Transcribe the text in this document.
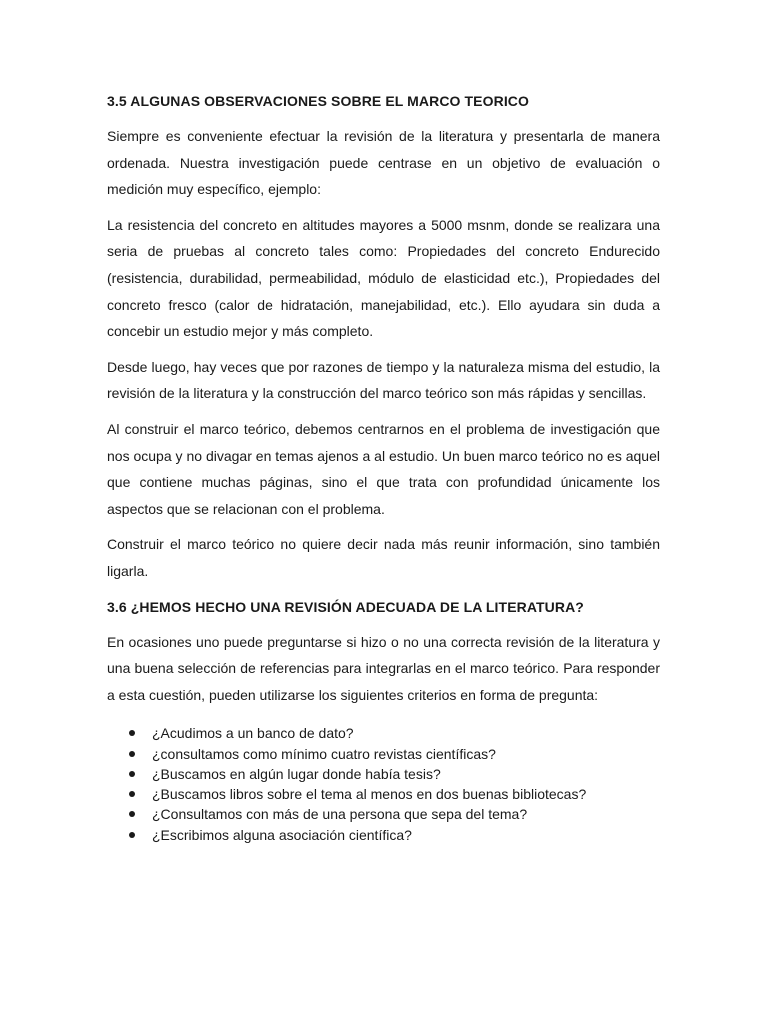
3.5 ALGUNAS OBSERVACIONES SOBRE EL MARCO TEORICO

Siempre es conveniente efectuar la revisión de la literatura y presentarla de manera ordenada. Nuestra investigación puede centrase en un objetivo de evaluación o medición muy específico, ejemplo:

La resistencia del concreto en altitudes mayores a 5000 msnm, donde se realizara una seria de pruebas al concreto tales como: Propiedades del concreto Endurecido (resistencia, durabilidad, permeabilidad, módulo de elasticidad etc.), Propiedades del concreto fresco (calor de hidratación, manejabilidad, etc.). Ello ayudara sin duda a concebir un estudio mejor y más completo.

Desde luego, hay veces que por razones de tiempo y la naturaleza misma del estudio, la revisión de la literatura y la construcción del marco teórico son más rápidas y sencillas.

Al construir el marco teórico, debemos centrarnos en el problema de investigación que nos ocupa y no divagar en temas ajenos a al estudio. Un buen marco teórico no es aquel que contiene muchas páginas, sino el que trata con profundidad únicamente los aspectos que se relacionan con el problema.

Construir el marco teórico no quiere decir nada más reunir información, sino también ligarla.

3.6 ¿HEMOS HECHO UNA REVISIÓN ADECUADA DE LA LITERATURA?

En ocasiones uno puede preguntarse si hizo o no una correcta revisión de la literatura y una buena selección de referencias para integrarlas en el marco teórico. Para responder a esta cuestión, pueden utilizarse los siguientes criterios en forma de pregunta:

¿Acudimos a un banco de dato?
¿consultamos como mínimo cuatro revistas científicas?
¿Buscamos en algún lugar donde había tesis?
¿Buscamos libros sobre el tema al menos en dos buenas bibliotecas?
¿Consultamos con más de una persona que sepa del tema?
¿Escribimos alguna asociación científica?
